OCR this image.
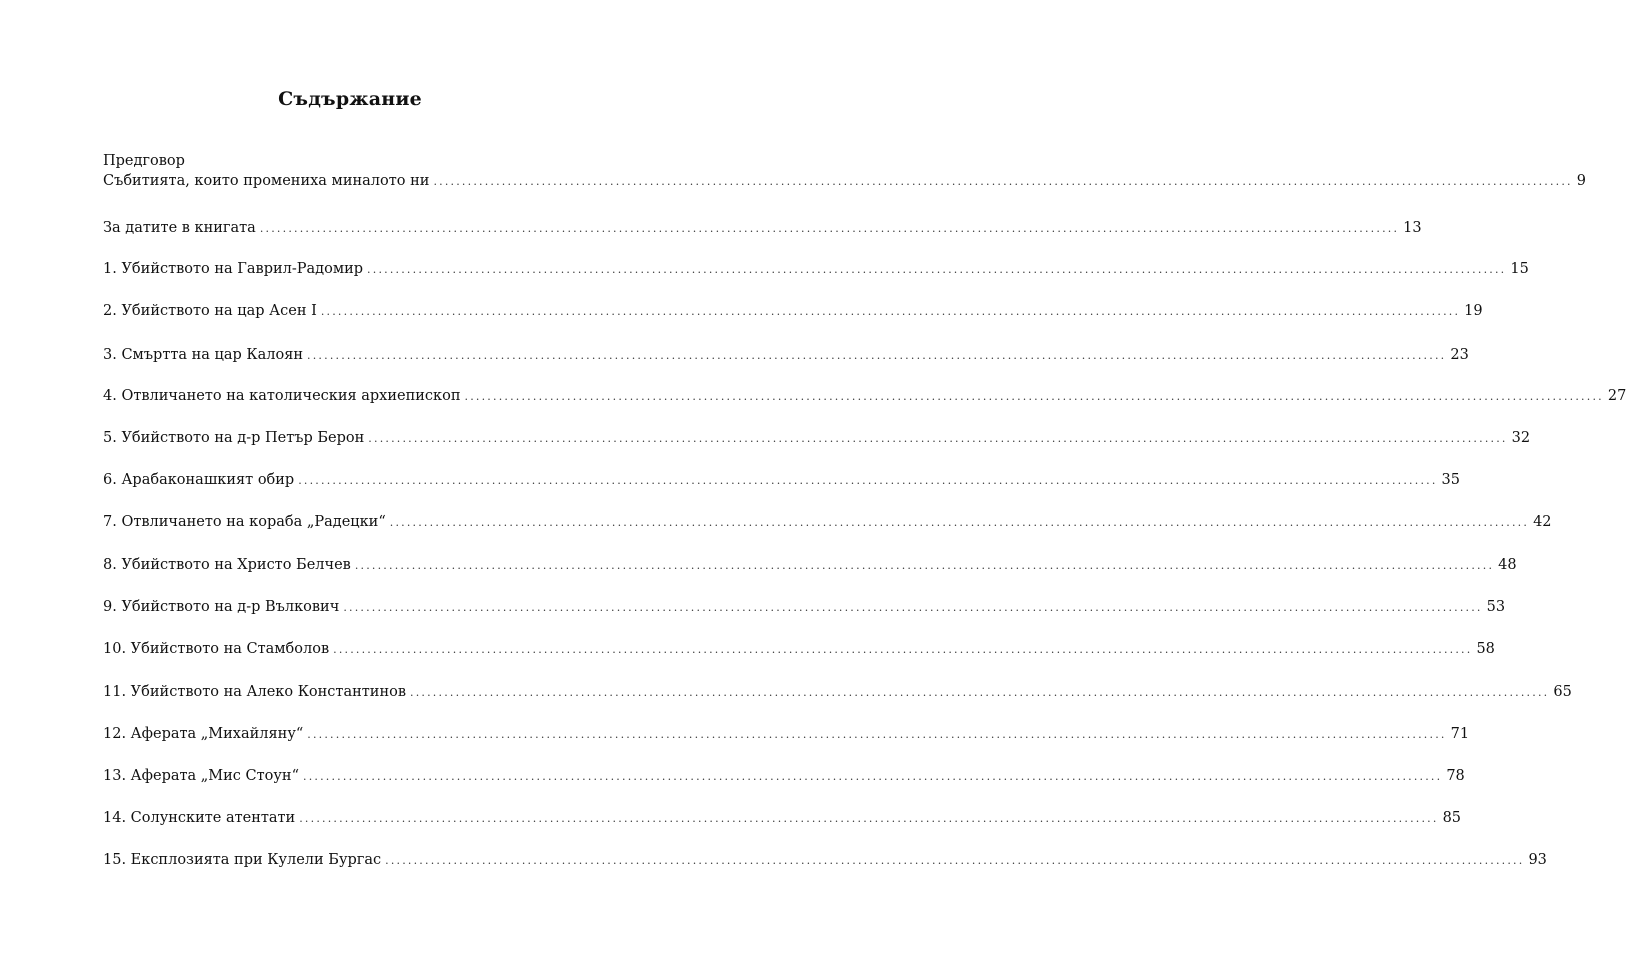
Съдържание
Предговор
Събитията, които промениха миналото ни ........................................................................................................................................................................................................ 9
За датите в книгата ........................................................................................................................................................................................................ 13
1. Убийството на Гаврил-Радомир ........................................................................................................................................................................................................ 15
2. Убийството на цар Асен I ........................................................................................................................................................................................................ 19
3. Смъртта на цар Калоян ........................................................................................................................................................................................................ 23
4. Отвличането на католическия архиепископ ........................................................................................................................................................................................................ 27
5. Убийството на д-р Петър Берон ........................................................................................................................................................................................................ 32
6. Арабаконашкият обир ........................................................................................................................................................................................................ 35
7. Отвличането на кораба „Радецки“ ........................................................................................................................................................................................................ 42
8. Убийството на Христо Белчев ........................................................................................................................................................................................................ 48
9. Убийството на д-р Вълкович ........................................................................................................................................................................................................ 53
10. Убийството на Стамболов ........................................................................................................................................................................................................ 58
11. Убийството на Алеко Константинов ........................................................................................................................................................................................................ 65
12. Аферата „Михайляну“ ........................................................................................................................................................................................................ 71
13. Аферата „Мис Стоун“ ........................................................................................................................................................................................................ 78
14. Солунските атентати ........................................................................................................................................................................................................ 85
15. Експлозията при Кулели Бургас ........................................................................................................................................................................................................ 93
